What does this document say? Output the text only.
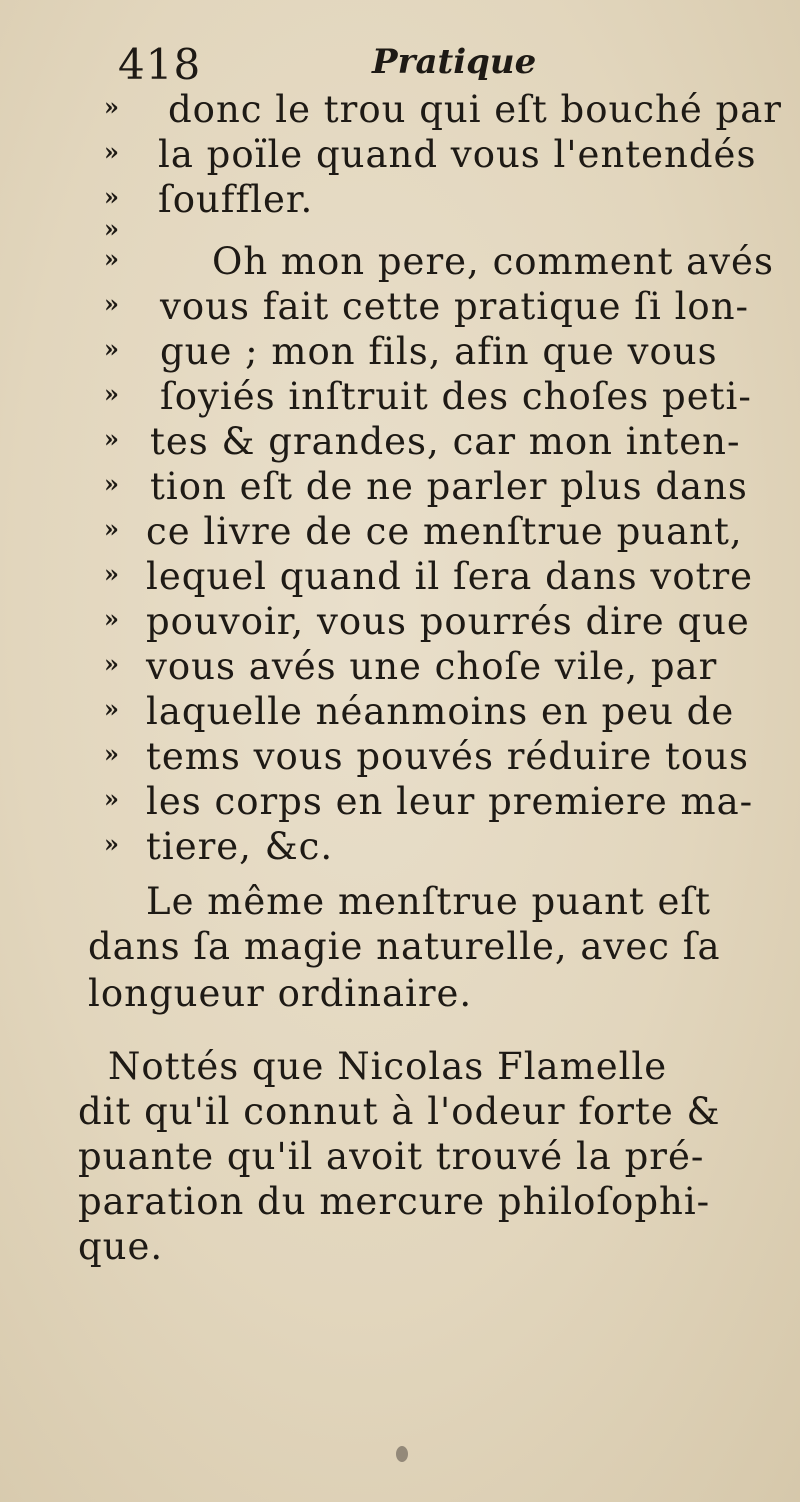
418	Pratique
» donc le trou qui eſt bouché par
» la poïle quand vous l'entendés
» ſouffler.
»
»	Oh mon pere, comment avés
» vous fait cette pratique ſi lon-
» gue ; mon fils, afin que vous
» ſoyiés inſtruit des choſes peti-
» tes & grandes, car mon inten-
» tion eſt de ne parler plus dans
» ce livre de ce menſtrue puant,
» lequel quand il ſera dans votre
» pouvoir, vous pourrés dire que
» vous avés une choſe vile, par
» laquelle néanmoins en peu de
» tems vous pouvés réduire tous
» les corps en leur premiere ma-
» tiere, &c.
Le même menſtrue puant eſt
dans ſa magie naturelle, avec ſa
longueur ordinaire.
Nottés que Nicolas Flamelle
dit qu'il connut à l'odeur forte &
puante qu'il avoit trouvé la pré-
paration du mercure philoſophi-
que.
